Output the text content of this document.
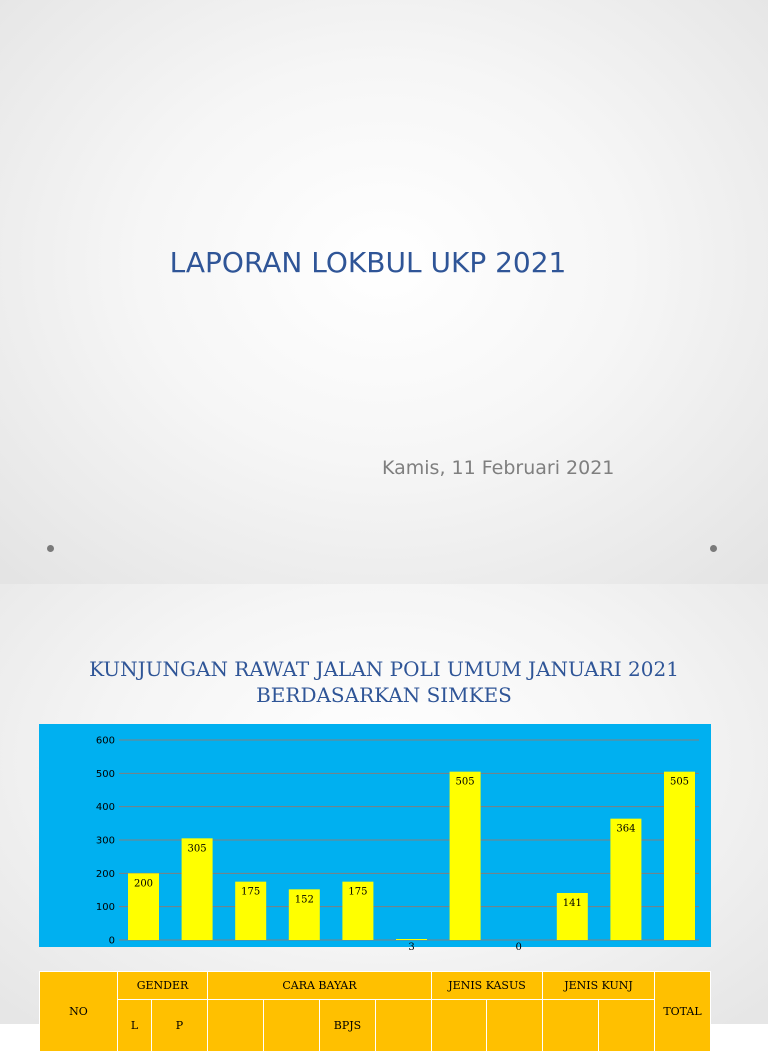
LAPORAN LOKBUL UKP 2021
Kamis, 11 Februari 2021
KUNJUNGAN RAWAT JALAN POLI UMUM JANUARI 2021
BERDASARKAN SIMKES
0
100
200
300
400
500
600
200
305
175
152
175
3
505
0
141
364
505
NO	GENDER		CARA BAYAR				JENIS KASUS		JENIS KUNJ		TOTAL
	L	P			BPJS						
